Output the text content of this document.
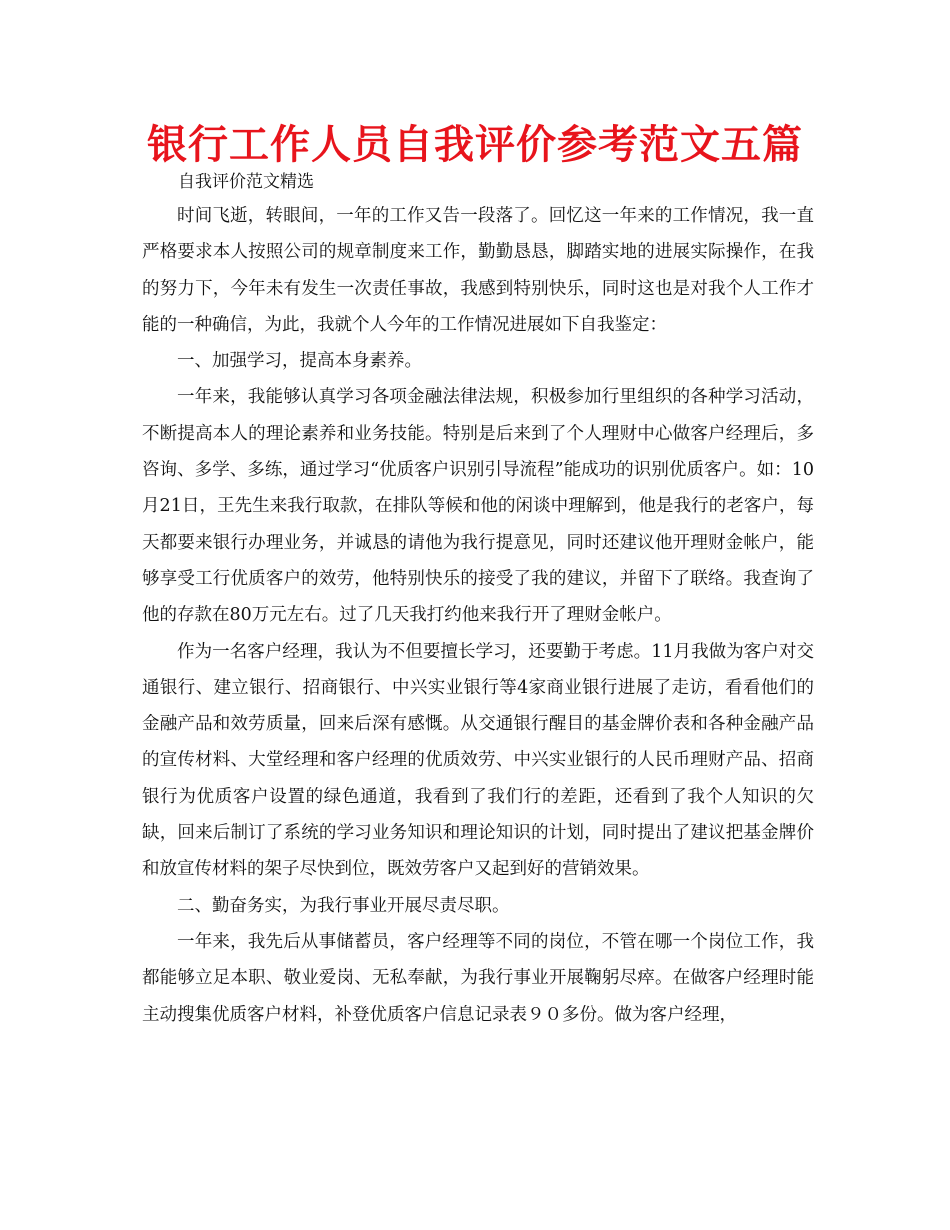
银行工作人员自我评价参考范文五篇
自我评价范文精选

时间飞逝，转眼间，一年的工作又告一段落了。回忆这一年来的工作情况，我一直严格要求本人按照公司的规章制度来工作，勤勤恳恳，脚踏实地的进展实际操作，在我的努力下，今年未有发生一次责任事故，我感到特别快乐，同时这也是对我个人工作才能的一种确信，为此，我就个人今年的工作情况进展如下自我鉴定：

一、加强学习，提高本身素养。

一年来，我能够认真学习各项金融法律法规，积极参加行里组织的各种学习活动，不断提高本人的理论素养和业务技能。特别是后来到了个人理财中心做客户经理后，多咨询、多学、多练，通过学习“优质客户识别引导流程”能成功的识别优质客户。如：10月21日，王先生来我行取款，在排队等候和他的闲谈中理解到，他是我行的老客户，每天都要来银行办理业务，并诚恳的请他为我行提意见，同时还建议他开理财金帐户，能够享受工行优质客户的效劳，他特别快乐的接受了我的建议，并留下了联络。我查询了他的存款在80万元左右。过了几天我打约他来我行开了理财金帐户。

作为一名客户经理，我认为不但要擅长学习，还要勤于考虑。11月我做为客户对交通银行、建立银行、招商银行、中兴实业银行等4家商业银行进展了走访，看看他们的金融产品和效劳质量，回来后深有感慨。从交通银行醒目的基金牌价表和各种金融产品的宣传材料、大堂经理和客户经理的优质效劳、中兴实业银行的人民币理财产品、招商银行为优质客户设置的绿色通道，我看到了我们行的差距，还看到了我个人知识的欠缺，回来后制订了系统的学习业务知识和理论知识的计划，同时提出了建议把基金牌价和放宣传材料的架子尽快到位，既效劳客户又起到好的营销效果。

二、勤奋务实，为我行事业开展尽责尽职。

一年来，我先后从事储蓄员，客户经理等不同的岗位，不管在哪一个岗位工作，我都能够立足本职、敬业爱岗、无私奉献，为我行事业开展鞠躬尽瘁。在做客户经理时能主动搜集优质客户材料，补登优质客户信息记录表９０多份。做为客户经理，
